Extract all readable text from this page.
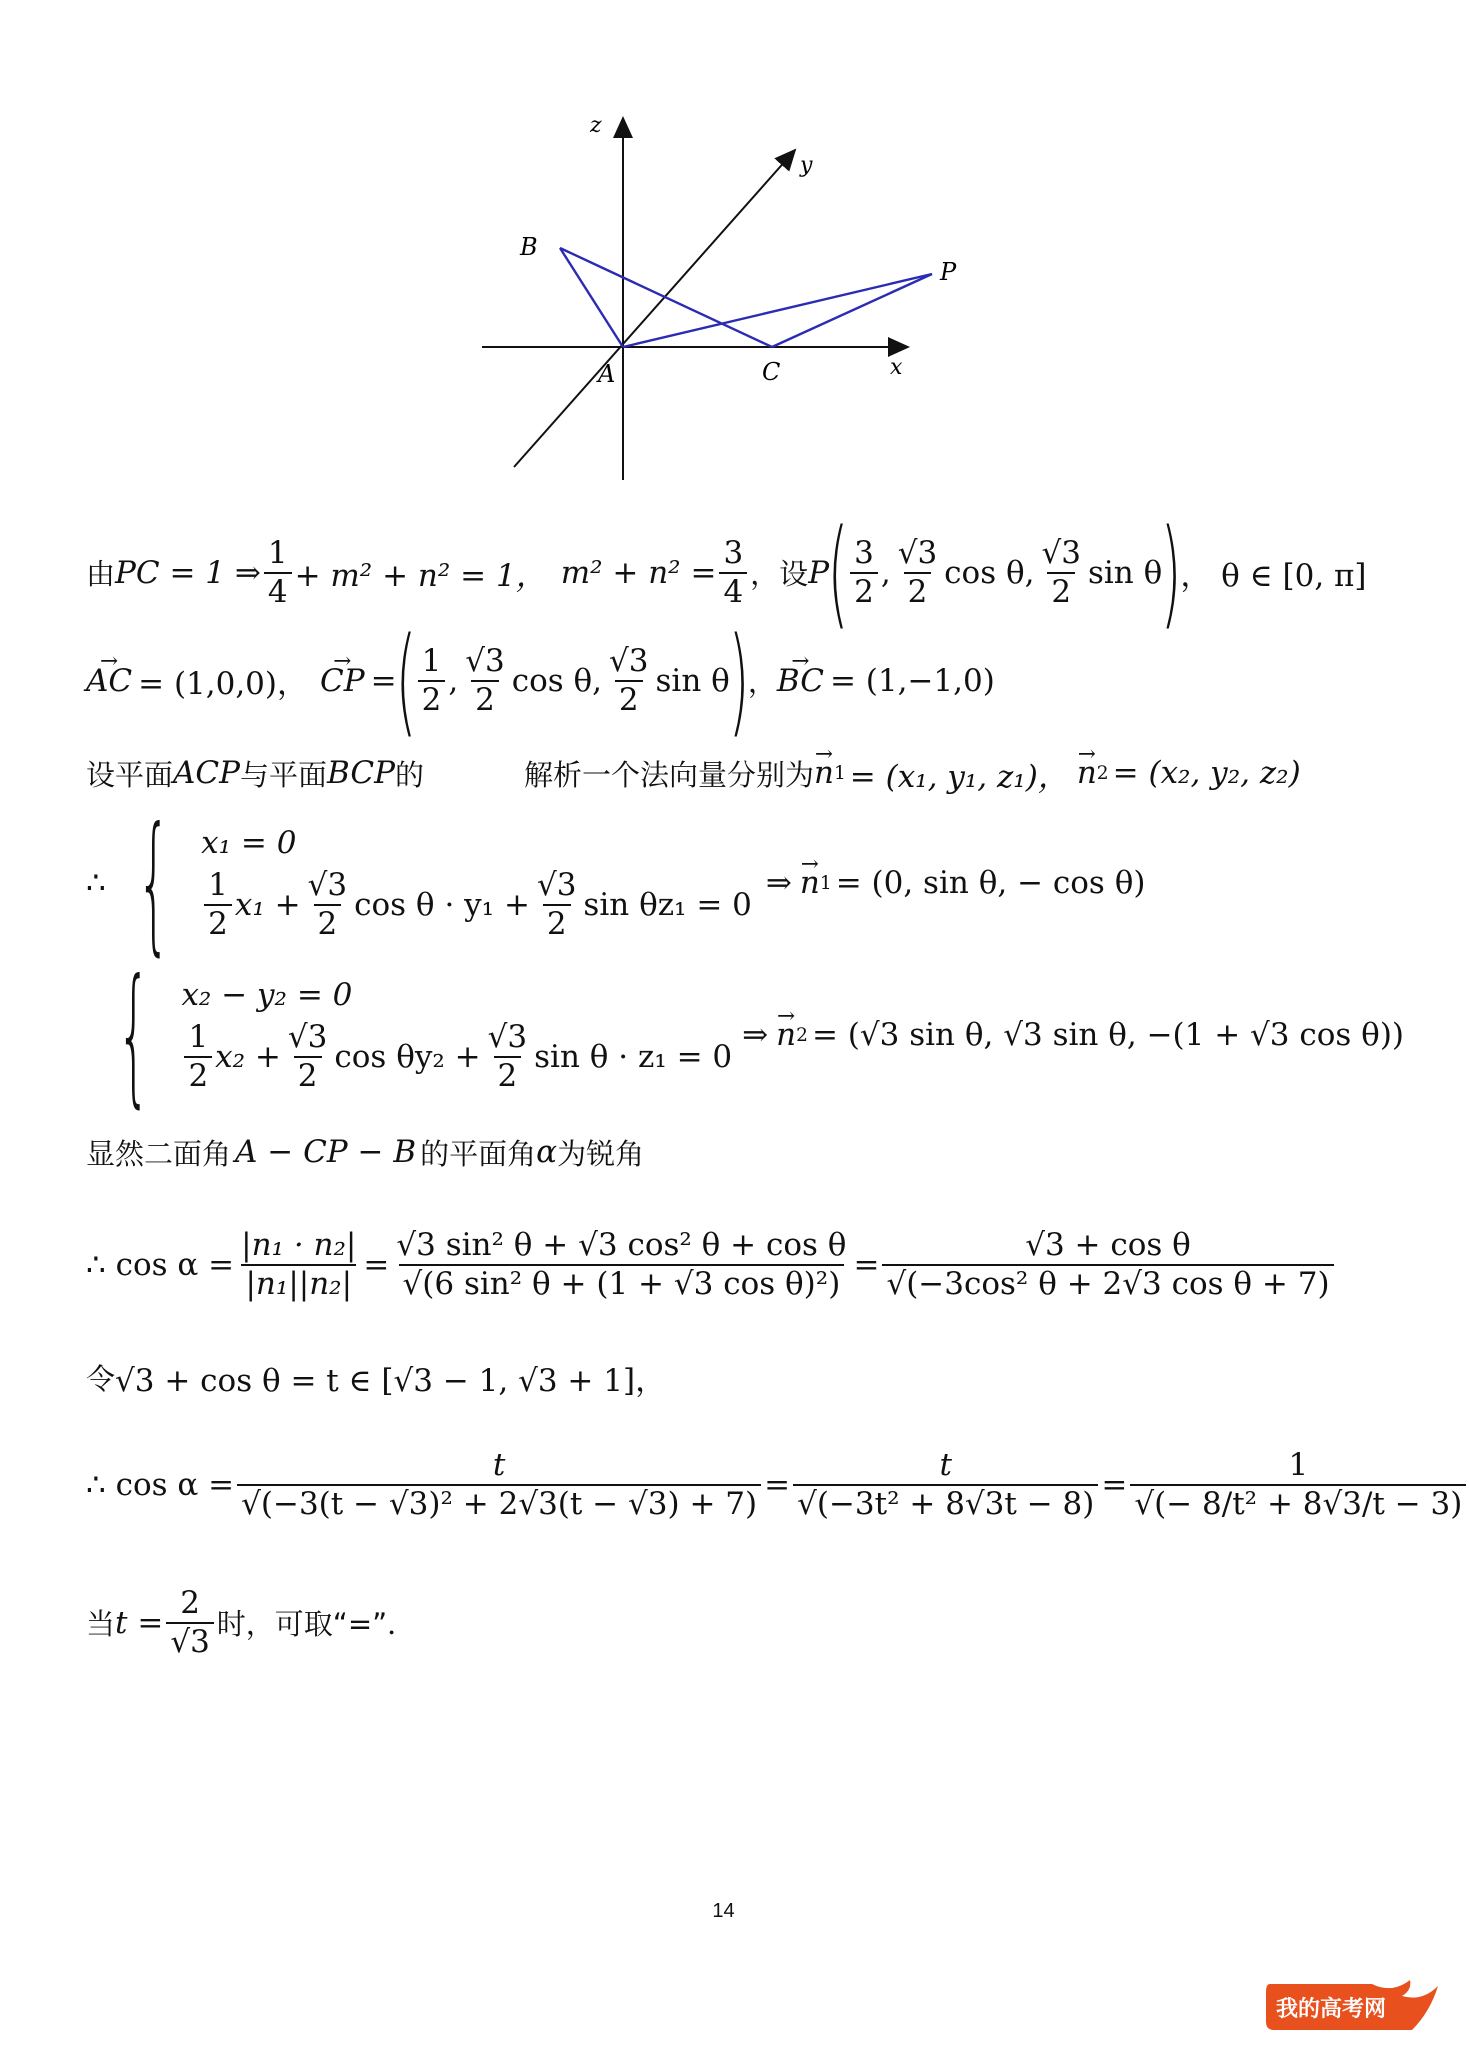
z
y
x
B
P
A	C
由 PC = 1 ⇒ $\frac{1}{4} + m^2 + n^2 = 1$， $m^2 + n^2 = \frac{3}{4}$ ，设 P
( $\frac{3}{2}$ , $\frac{√3}{2}$ cos θ, $\frac{√3}{2}$ sin θ
)
， θ ∈ [0, π]
→ AC = (1,0,0)， → CP =
( $\frac{1}{2}$ , $\frac{√3}{2}$ cos θ, $\frac{√3}{2}$ sin θ
)
， → BC = (1,−1,0)
设平面 ACP 与平面 BCP 的	解析一个法向量分别为 → n 1 = (x₁, y₁, z₁)， → n 2 = (x₂, y₂, z₂)
∴ { x₁ = 0
$\frac{1}{2} x_1 + \frac{√3}{2}$ $\cos \theta \cdot y_1 + \frac{√3}{2}$ sin θz₁ = 0
⇒ → n 1 = (0, sin θ, − cos θ)
{ x₂ − y₂ = 0
$\frac{1}{2} x_2 + \frac{√3}{2}$ $\cos \theta y_2 + \frac{√3}{2}$ sin θ · z₁ = 0
⇒ → n 2 = (√3 sin θ, √3 sin θ, −(1 + √3 cos θ))
显然二面角 A − CP − B 的平面角 α 为锐角
∴ $\cos \alpha = \frac{\text{|n₁ · n₂|}}{\text{|n₁||n₂|}} = \frac{\text{√3 sin² θ + √3 cos² θ + cos θ}}{\text{√(6 sin² θ + (1 + √3 cos θ)²)}} = \frac{\text{√3 + cos θ}}{\text{√(−3cos² θ + 2√3 cos θ + 7)}}$
令 √3 + cos θ = t ∈ [√3 − 1, √3 + 1]，
∴ $\cos \alpha = \frac{t}{\text{√(−3(t − √3)² + 2√3(t − √3) + 7)}} = \frac{t}{\text{√(−3t² + 8√3t − 8)}} = \frac{1}{\text{√(− 8/t² + 8√3/t − 3)}}$
当 $t = \frac{2}{√3}$ 时，可取“=”．
14
我的高考网
